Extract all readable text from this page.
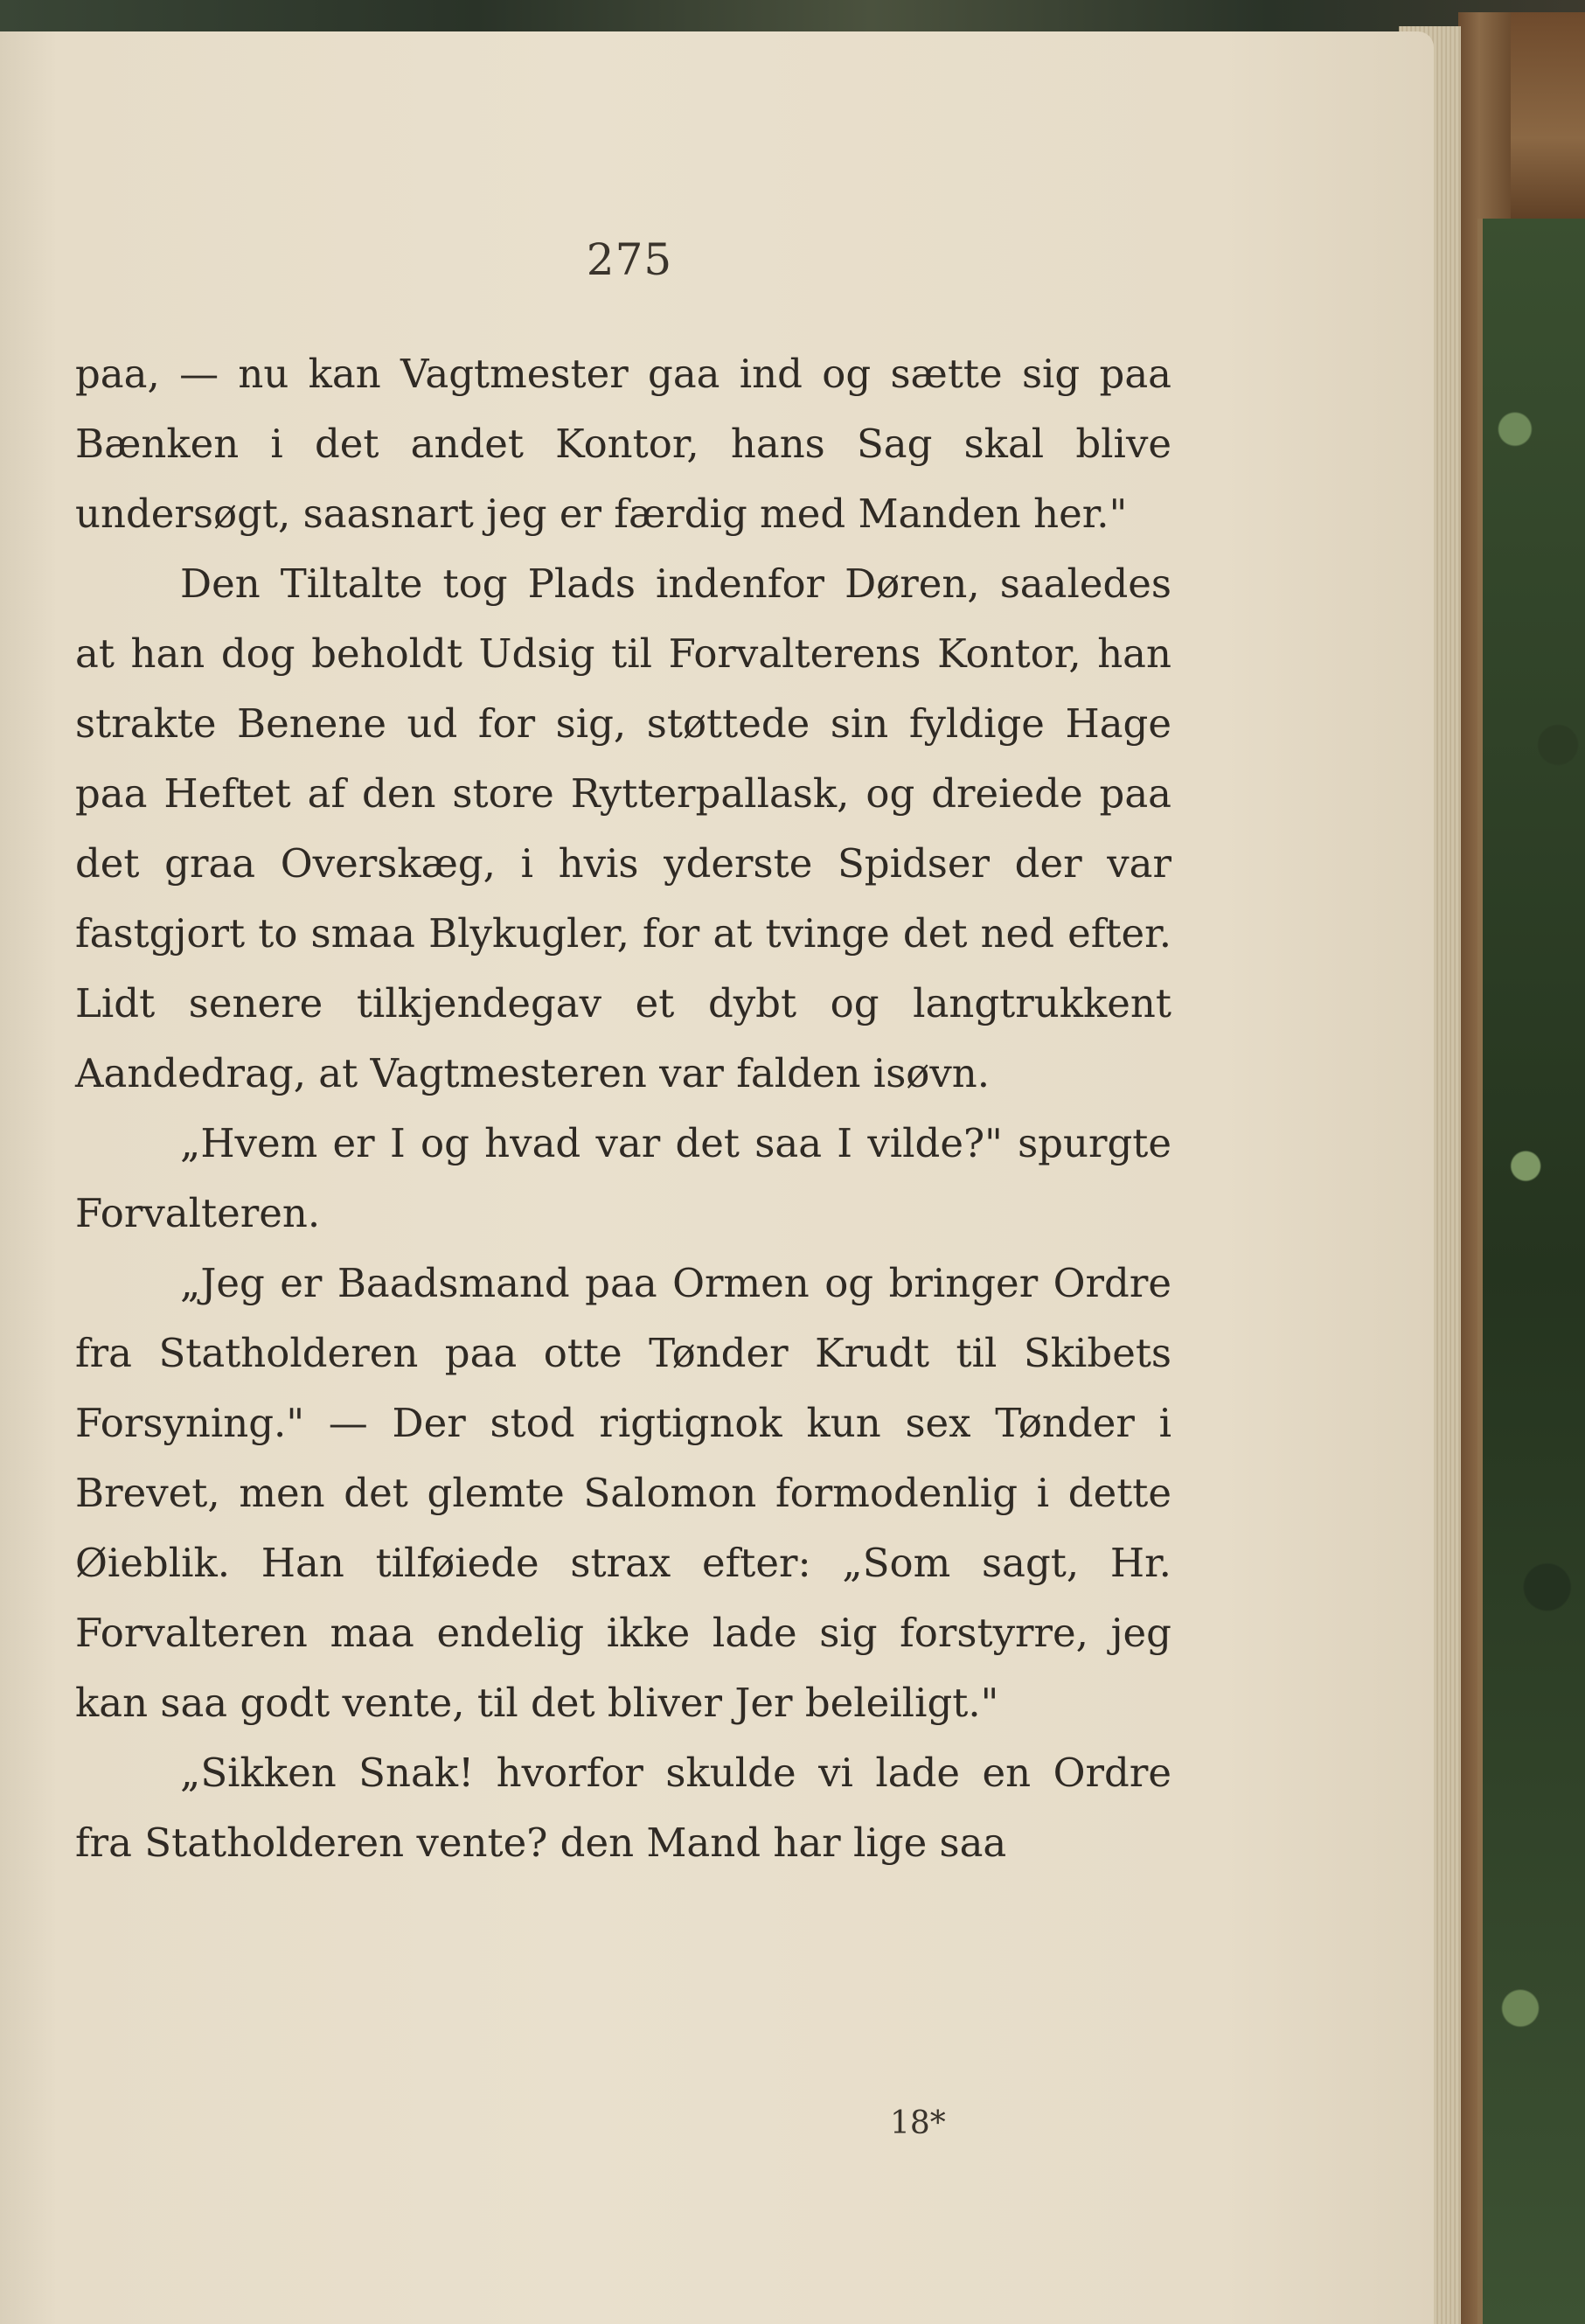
275

paa, — nu kan Vagtmester gaa ind og sætte sig paa Bænken i det andet Kontor, hans Sag skal blive undersøgt, saasnart jeg er færdig med Manden her."

Den Tiltalte tog Plads indenfor Døren, saaledes at han dog beholdt Udsig til Forvalterens Kontor, han strakte Benene ud for sig, støttede sin fyldige Hage paa Heftet af den store Rytterpallask, og dreiede paa det graa Overskæg, i hvis yderste Spidser der var fastgjort to smaa Blykugler, for at tvinge det ned efter. Lidt senere tilkjendegav et dybt og langtrukkent Aandedrag, at Vagtmesteren var falden isøvn.

„Hvem er I og hvad var det saa I vilde?" spurgte Forvalteren.

„Jeg er Baadsmand paa Ormen og bringer Ordre fra Statholderen paa otte Tønder Krudt til Skibets Forsyning." — Der stod rigtignok kun sex Tønder i Brevet, men det glemte Salomon formodenlig i dette Øieblik. Han tilføiede strax efter: „Som sagt, Hr. Forvalteren maa endelig ikke lade sig forstyrre, jeg kan saa godt vente, til det bliver Jer beleiligt."

„Sikken Snak! hvorfor skulde vi lade en Ordre fra Statholderen vente? den Mand har lige saa

18*
